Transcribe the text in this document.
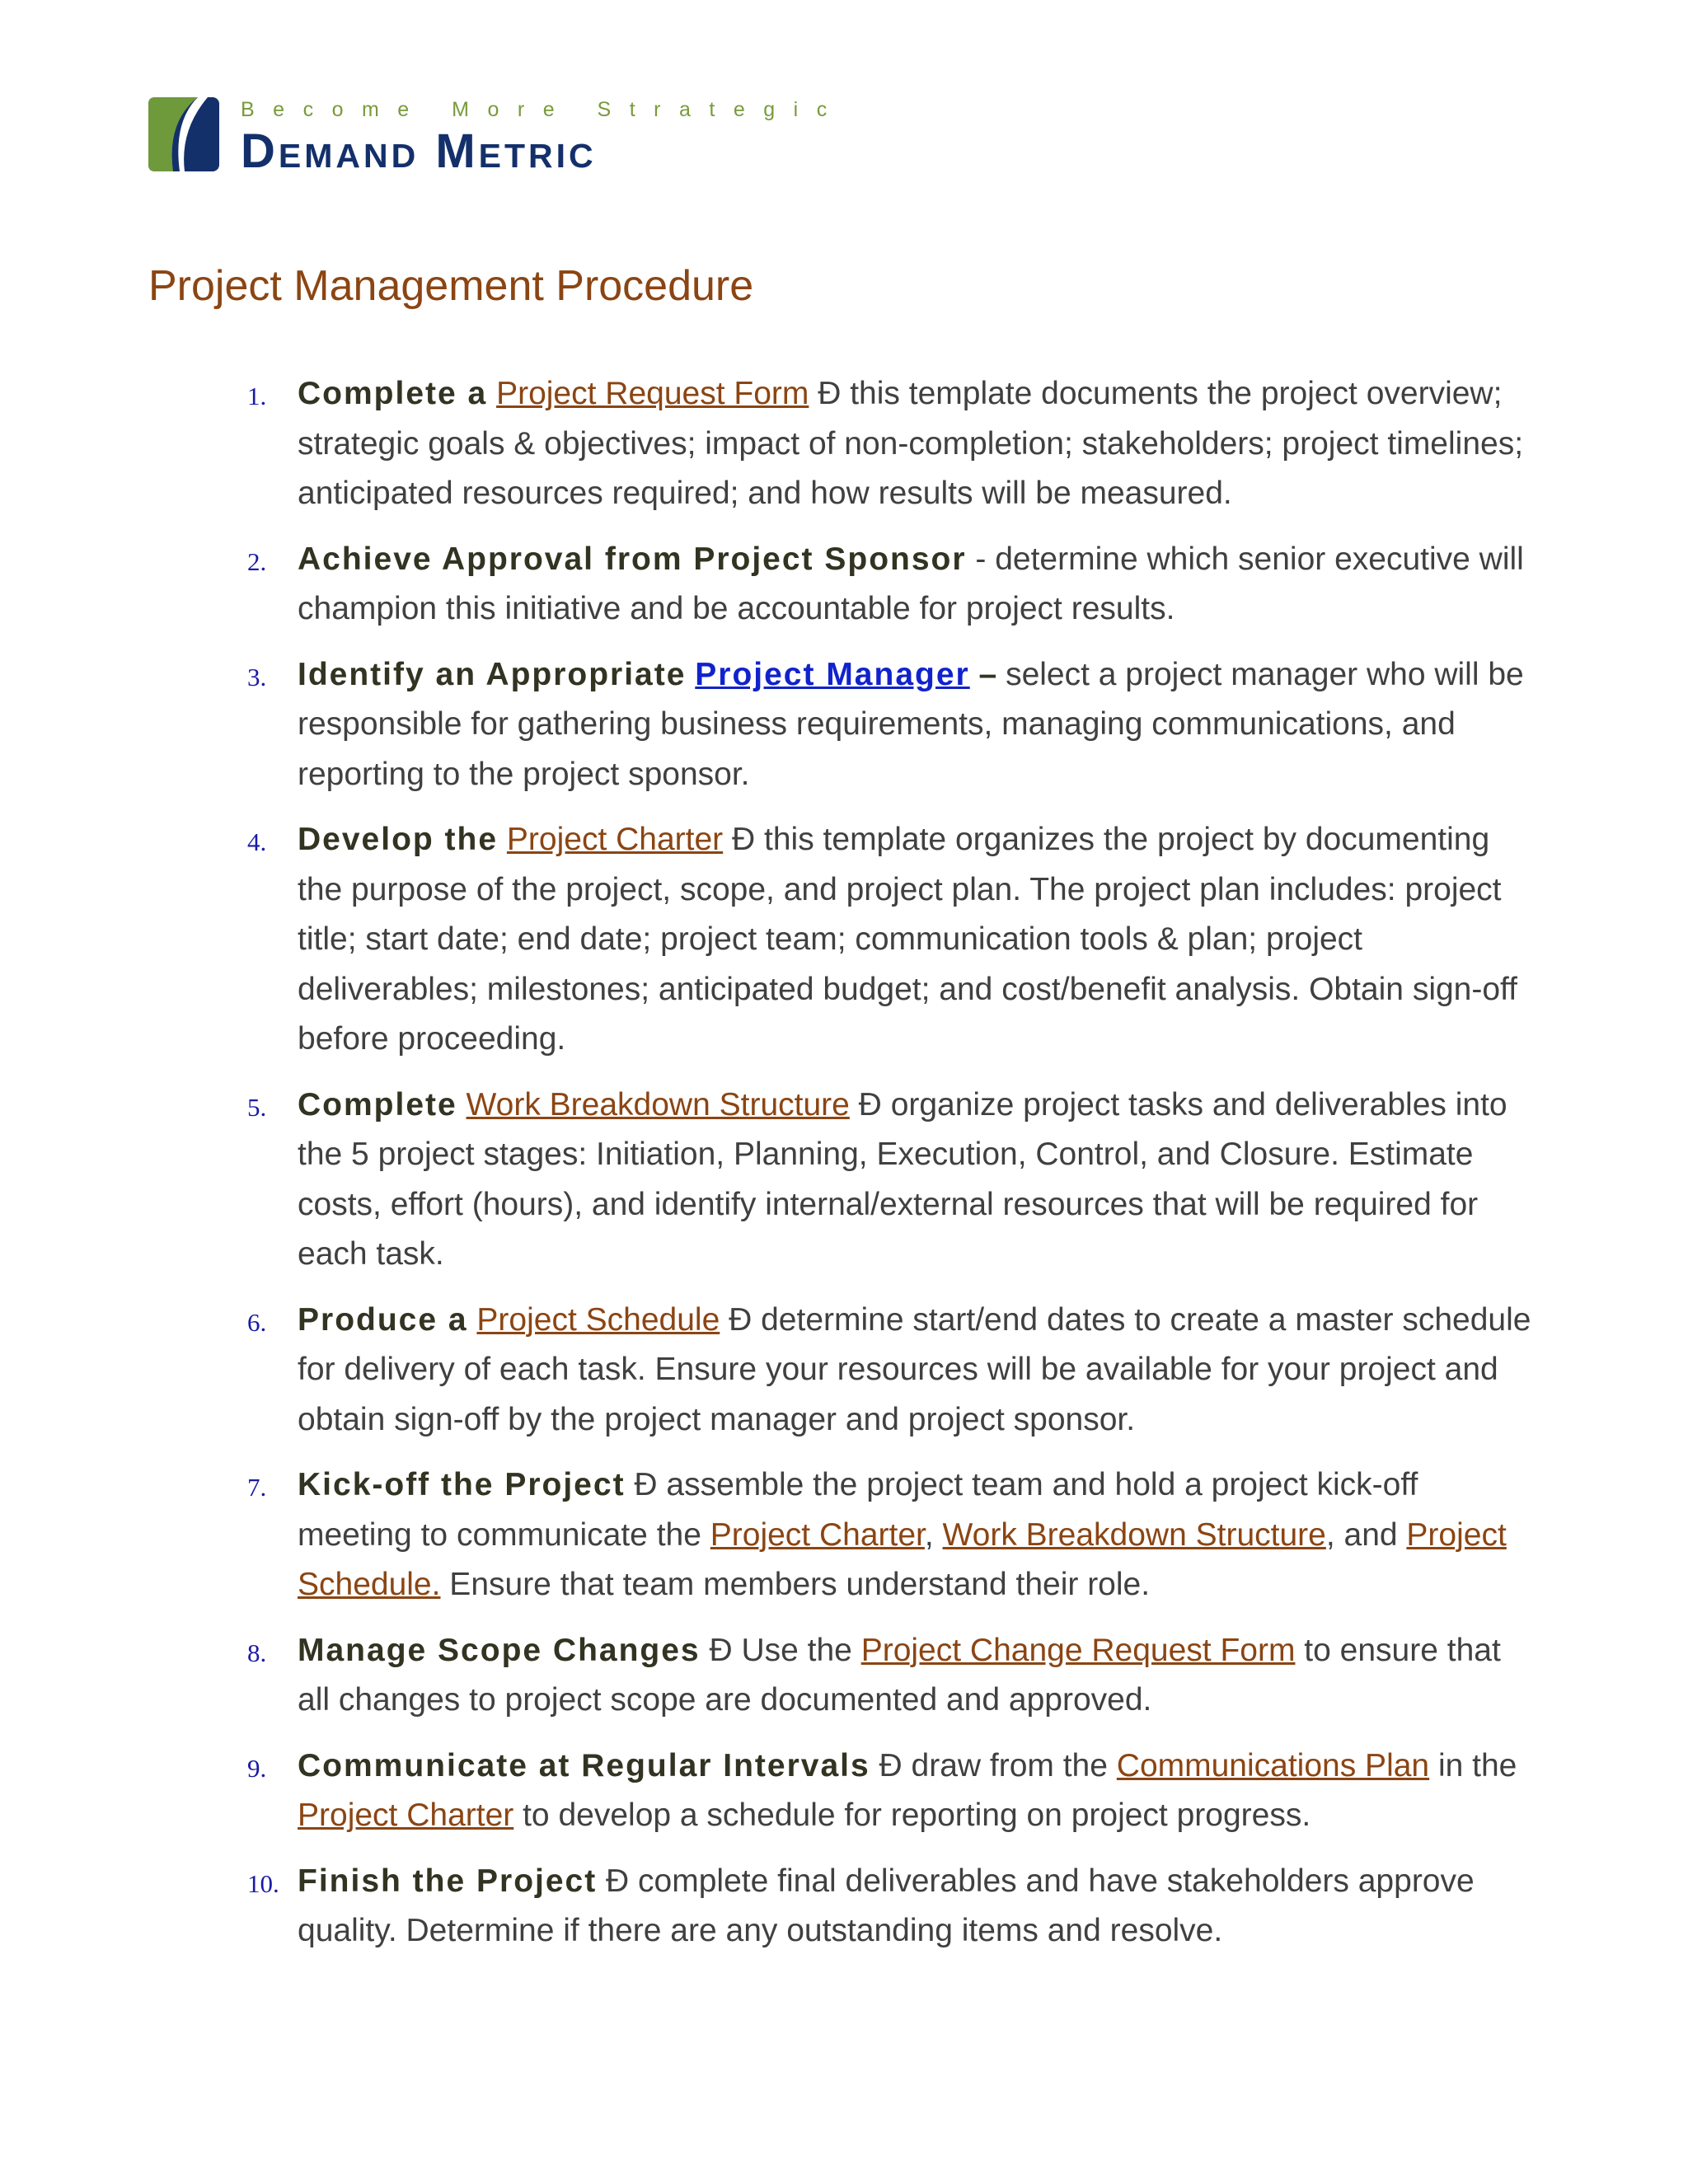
Become More Strategic
Demand Metric
Project Management Procedure
1. Complete a Project Request Form Ð this template documents the project overview; strategic goals & objectives; impact of non-completion; stakeholders; project timelines; anticipated resources required; and how results will be measured.
2. Achieve Approval from Project Sponsor - determine which senior executive will champion this initiative and be accountable for project results.
3. Identify an Appropriate Project Manager – select a project manager who will be responsible for gathering business requirements, managing communications, and reporting to the project sponsor.
4. Develop the Project Charter Ð this template organizes the project by documenting the purpose of the project, scope, and project plan. The project plan includes: project title; start date; end date; project team; communication tools & plan; project deliverables; milestones; anticipated budget; and cost/benefit analysis. Obtain sign-off before proceeding.
5. Complete Work Breakdown Structure Ð organize project tasks and deliverables into the 5 project stages: Initiation, Planning, Execution, Control, and Closure. Estimate costs, effort (hours), and identify internal/external resources that will be required for each task.
6. Produce a Project Schedule Ð determine start/end dates to create a master schedule for delivery of each task. Ensure your resources will be available for your project and obtain sign-off by the project manager and project sponsor.
7. Kick-off the Project Ð assemble the project team and hold a project kick-off meeting to communicate the Project Charter, Work Breakdown Structure, and Project Schedule. Ensure that team members understand their role.
8. Manage Scope Changes Ð Use the Project Change Request Form to ensure that all changes to project scope are documented and approved.
9. Communicate at Regular Intervals Ð draw from the Communications Plan in the Project Charter to develop a schedule for reporting on project progress.
10. Finish the Project Ð complete final deliverables and have stakeholders approve quality. Determine if there are any outstanding items and resolve.
